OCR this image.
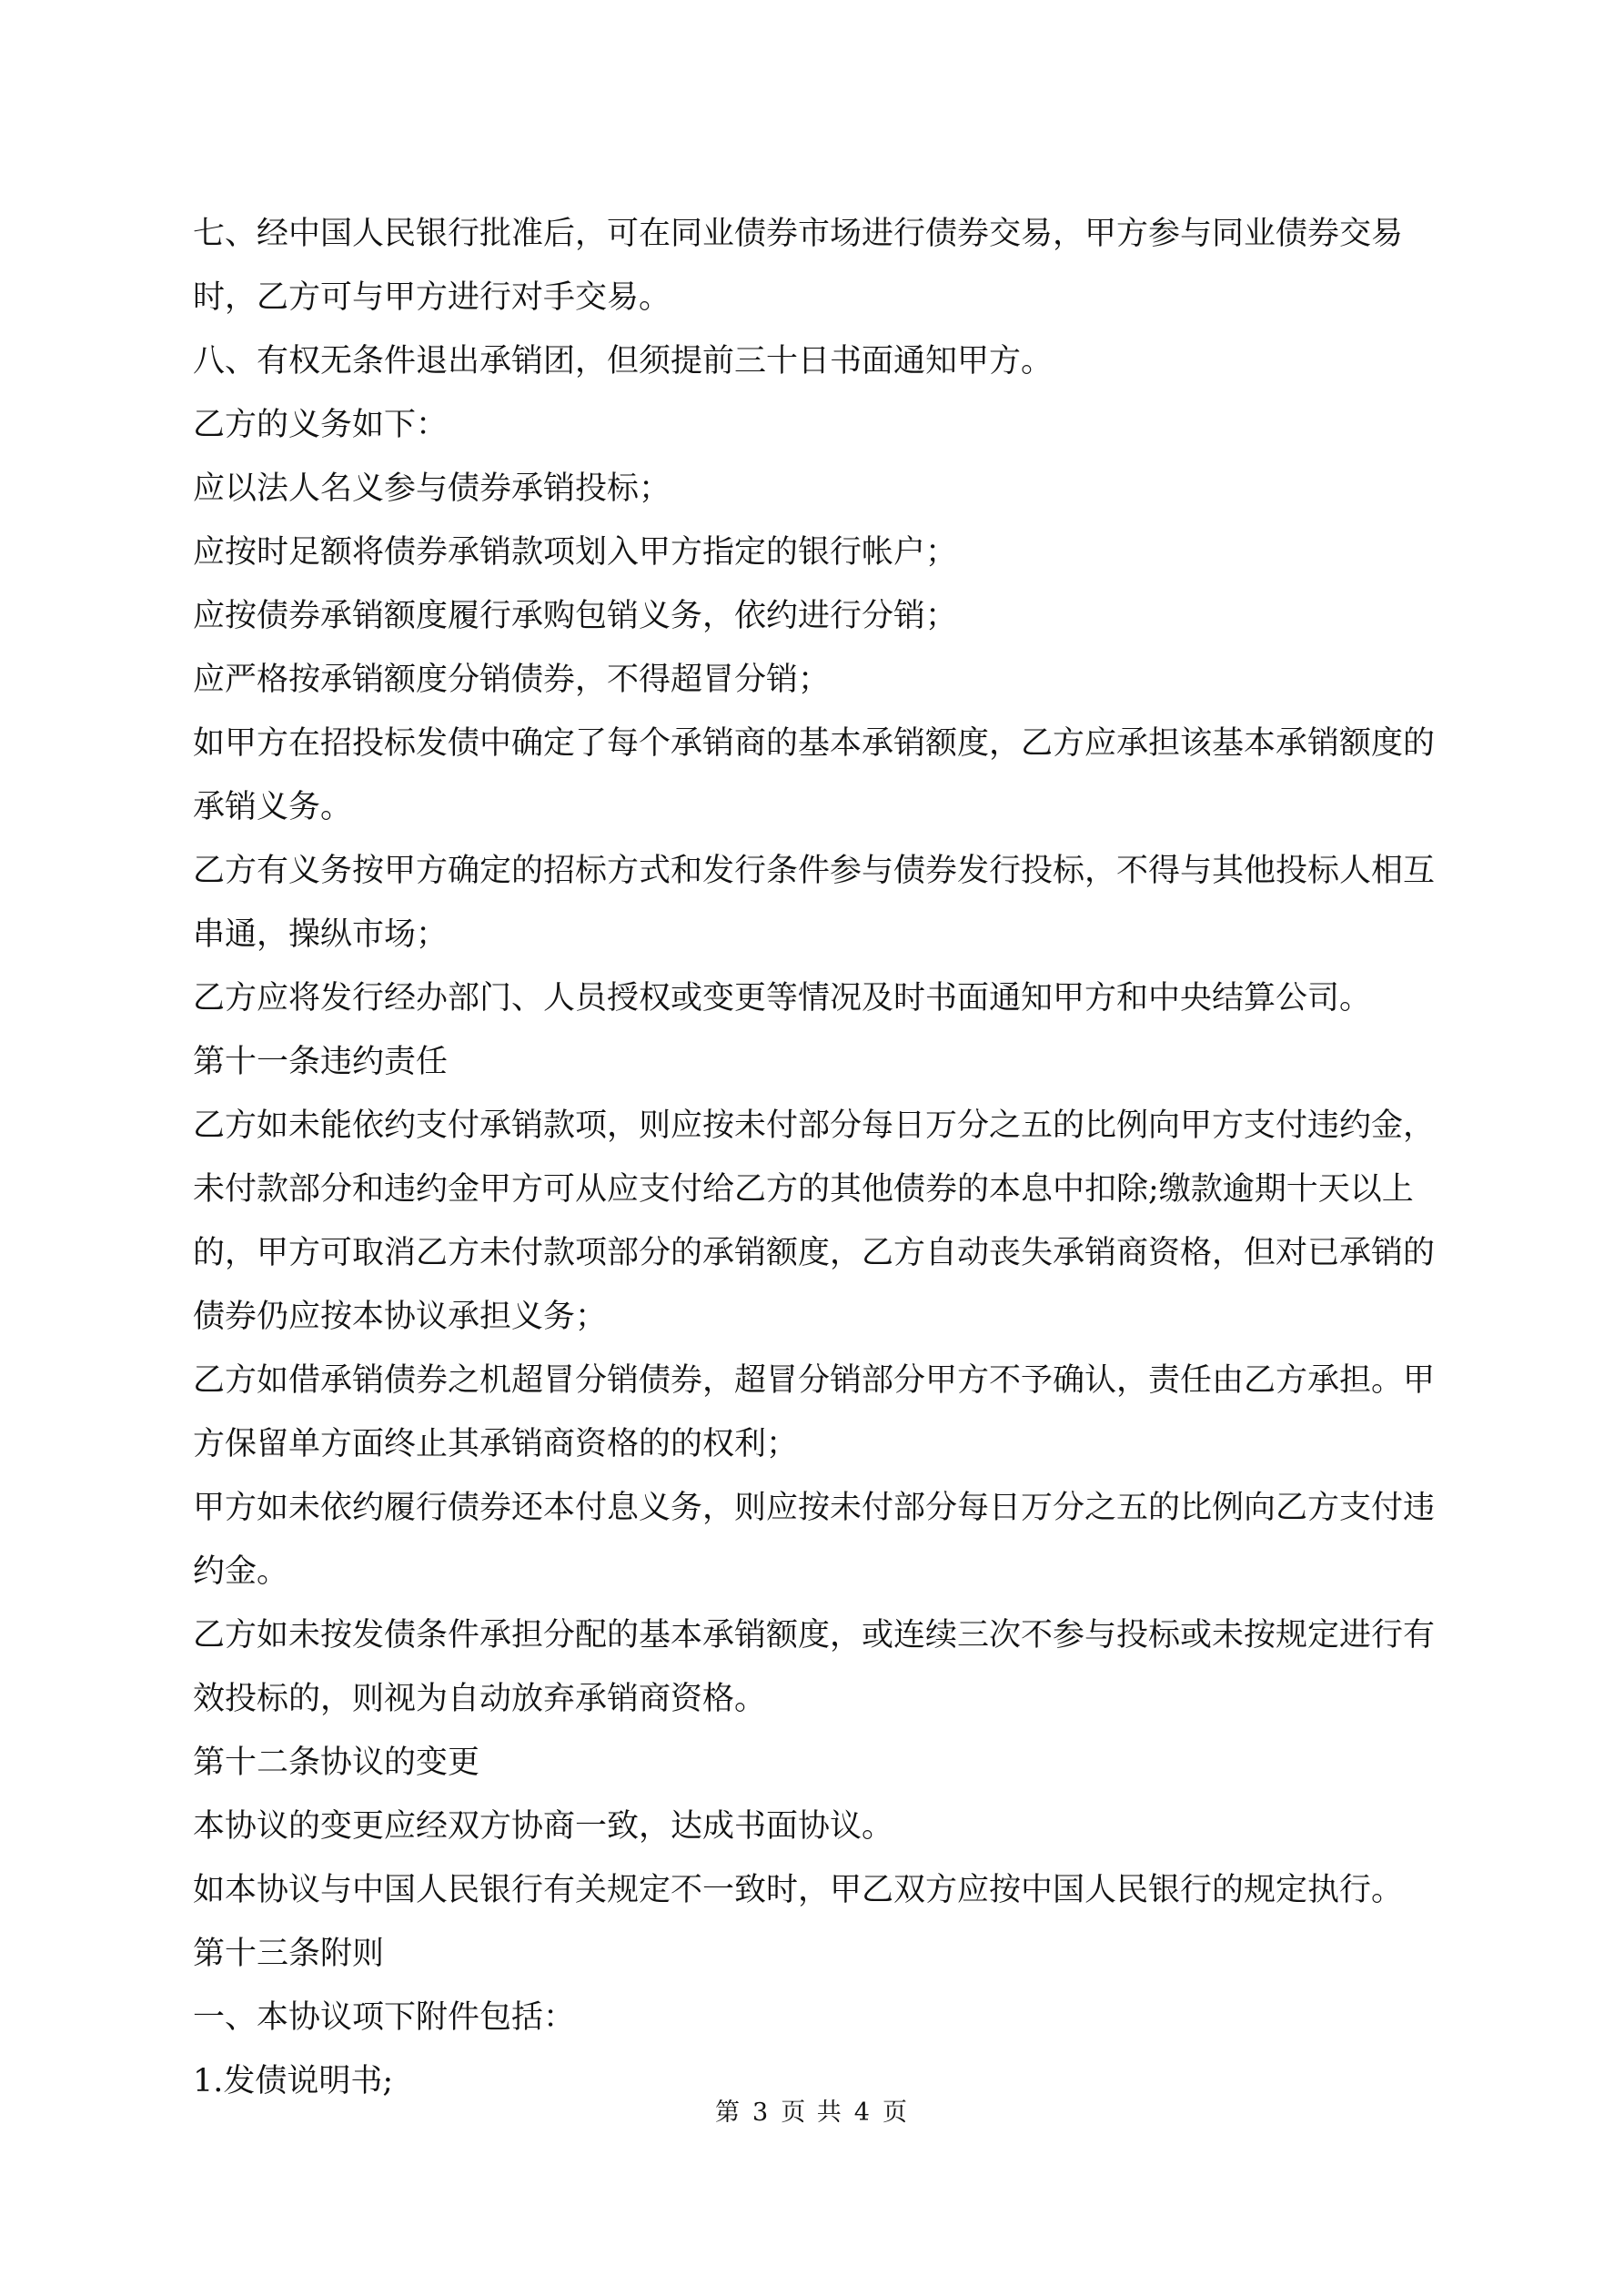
七、经中国人民银行批准后，可在同业债券市场进行债券交易，甲方参与同业债券交易时，乙方可与甲方进行对手交易。

八、有权无条件退出承销团，但须提前三十日书面通知甲方。

乙方的义务如下：

应以法人名义参与债券承销投标；

应按时足额将债券承销款项划入甲方指定的银行帐户；

应按债券承销额度履行承购包销义务，依约进行分销；

应严格按承销额度分销债券，不得超冒分销；

如甲方在招投标发债中确定了每个承销商的基本承销额度，乙方应承担该基本承销额度的承销义务。

乙方有义务按甲方确定的招标方式和发行条件参与债券发行投标，不得与其他投标人相互串通，操纵市场；

乙方应将发行经办部门、人员授权或变更等情况及时书面通知甲方和中央结算公司。

第十一条违约责任

乙方如未能依约支付承销款项，则应按未付部分每日万分之五的比例向甲方支付违约金，未付款部分和违约金甲方可从应支付给乙方的其他债券的本息中扣除;缴款逾期十天以上的，甲方可取消乙方未付款项部分的承销额度，乙方自动丧失承销商资格，但对已承销的债券仍应按本协议承担义务；

乙方如借承销债券之机超冒分销债券，超冒分销部分甲方不予确认，责任由乙方承担。甲方保留单方面终止其承销商资格的的权利；

甲方如未依约履行债券还本付息义务，则应按未付部分每日万分之五的比例向乙方支付违约金。

乙方如未按发债条件承担分配的基本承销额度，或连续三次不参与投标或未按规定进行有效投标的，则视为自动放弃承销商资格。

第十二条协议的变更

本协议的变更应经双方协商一致，达成书面协议。

如本协议与中国人民银行有关规定不一致时，甲乙双方应按中国人民银行的规定执行。

第十三条附则

一、本协议项下附件包括：

1.发债说明书;

第 3 页 共 4 页
